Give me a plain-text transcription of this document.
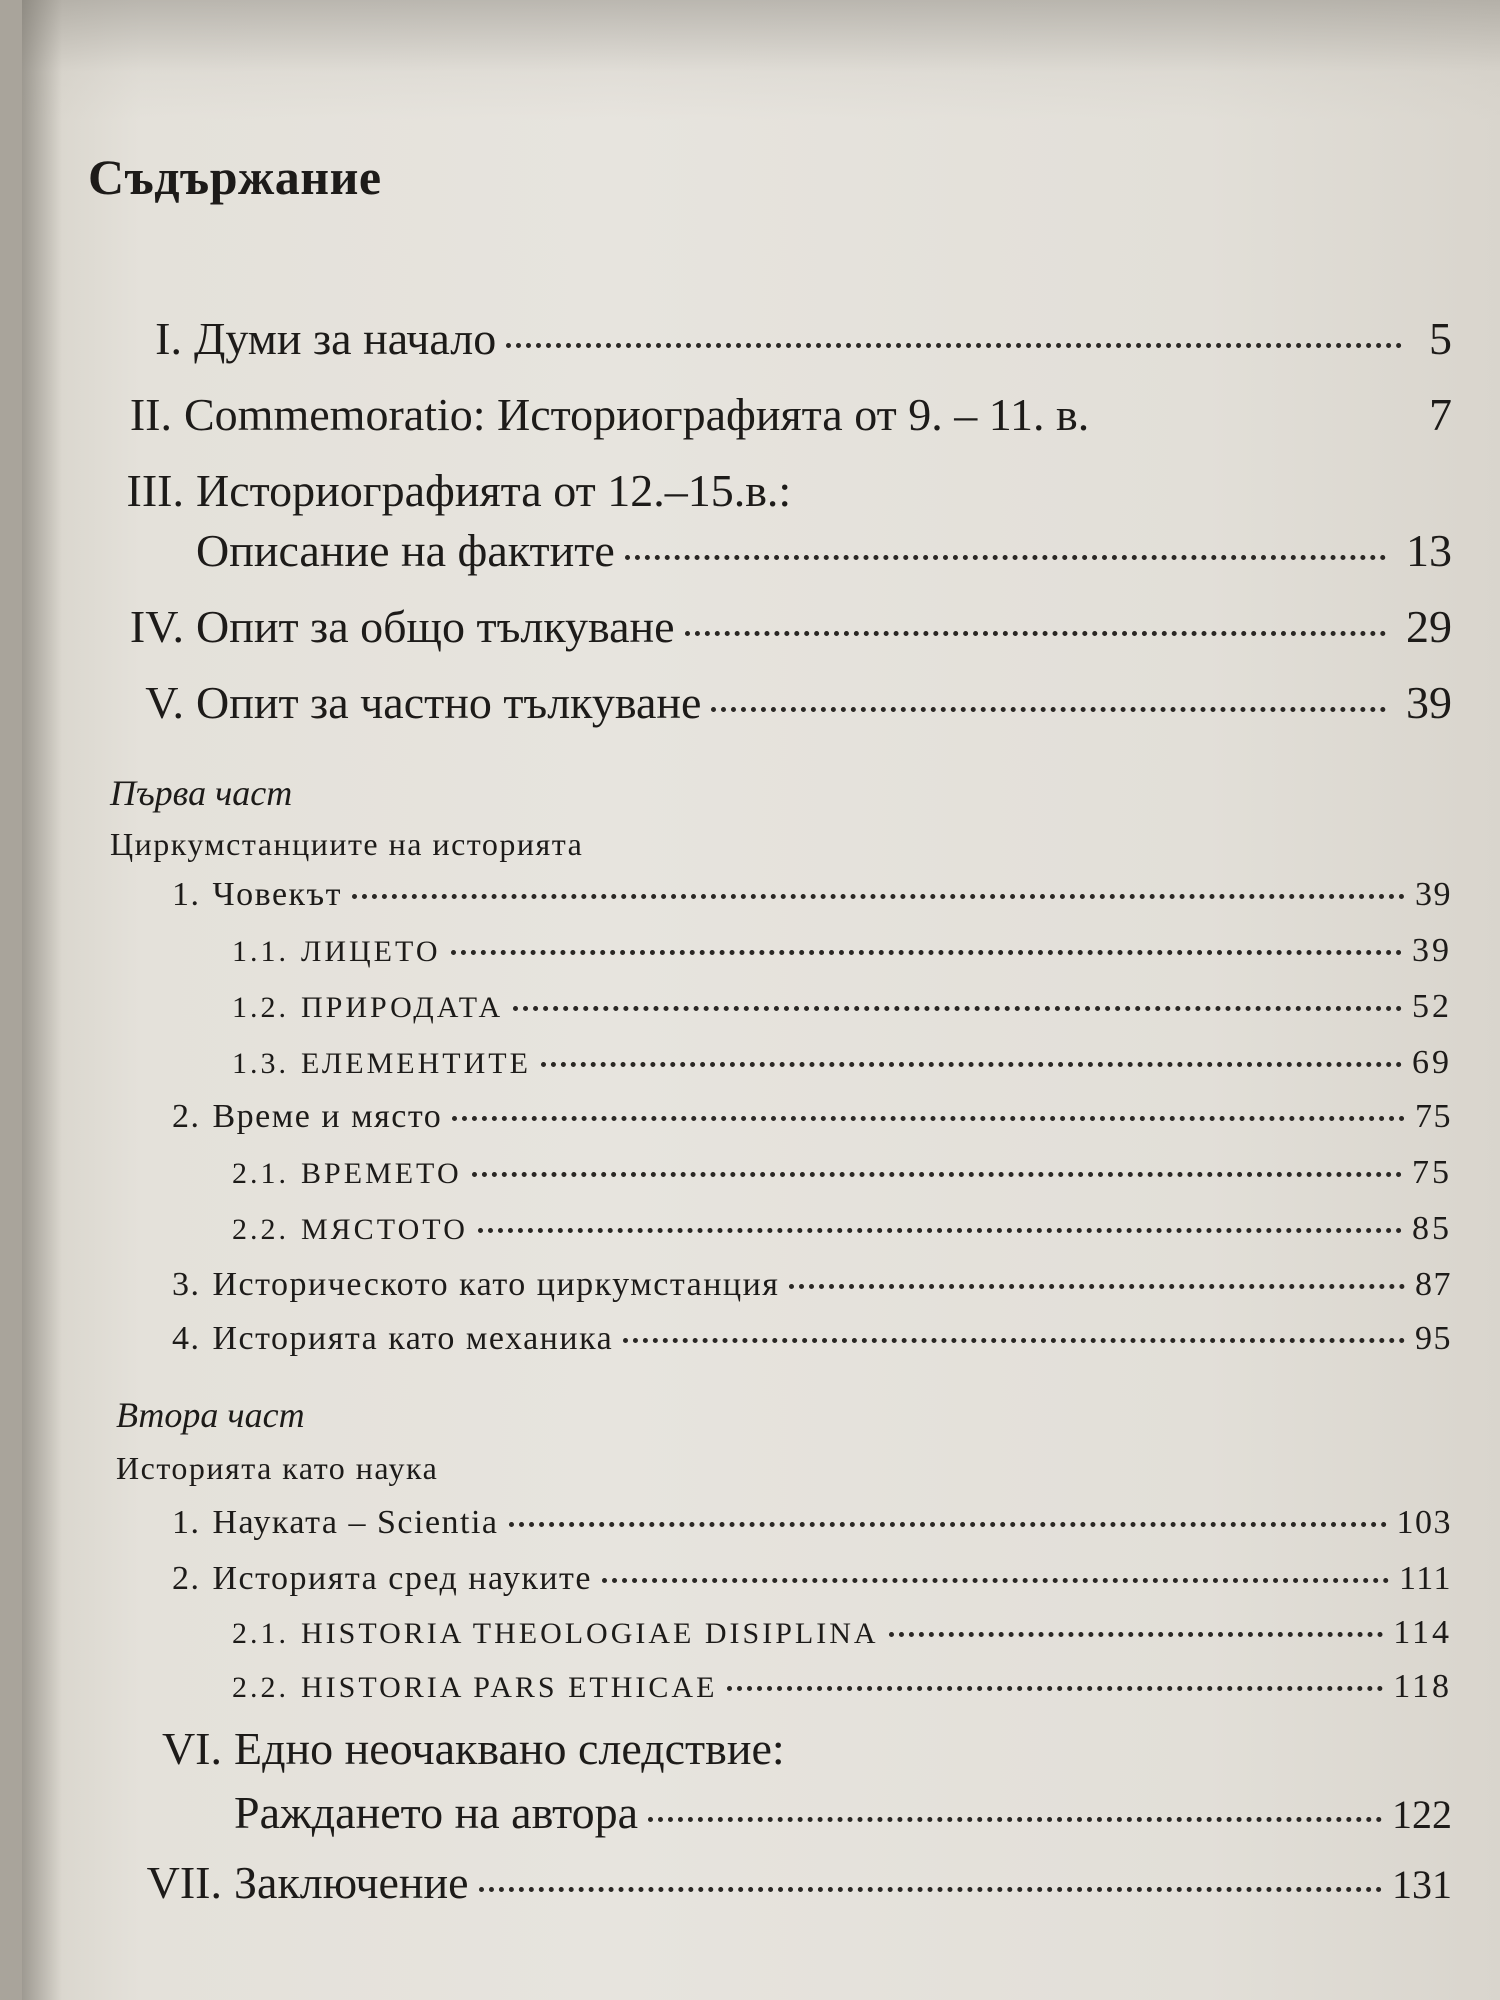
Съдържание
I. Думи за начало	5
II. Commemoratio: Историографията от 9. – 11. в.	7
III. Историографията от 12.–15.в.:
Описание на фактите	13
IV. Опит за общо тълкуване	29
V. Опит за частно тълкуване	39
Първа част
Циркумстанциите на историята
1. Човекът	39
1.1. ЛИЦЕТО	39
1.2. ПРИРОДАТА	52
1.3. ЕЛЕМЕНТИТЕ	69
2. Време и място	75
2.1. ВРЕМЕТО	75
2.2. МЯСТОТО	85
3. Историческото като циркумстанция	87
4. Историята като механика	95
Втора част
Историята като наука
1. Науката – Scientia	103
2. Историята сред науките	111
2.1. HISTORIA THEOLOGIAE DISIPLINA	114
2.2. HISTORIA PARS ETHICAE	118
VI. Едно неочаквано следствие:
Раждането на автора	122
VII. Заключение	131
